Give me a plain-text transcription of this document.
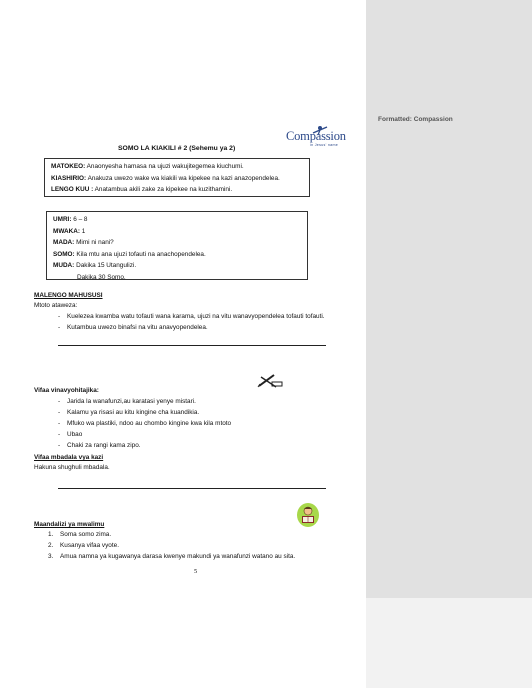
Compassion
in Jesus' name
SOMO LA KIAKILI # 2 (Sehemu ya 2)
MATOKEO: Anaonyesha hamasa na ujuzi wakujitegemea kiuchumi.
KIASHIRIO: Anakuza uwezo wake wa kiakili wa kipekee na kazi anazopendelea.
LENGO KUU : Anatambua akili zake za kipekee na kuzithamini.
UMRI: 6 – 8
MWAKA: 1
MADA: Mimi ni nani?
SOMO: Kila mtu ana ujuzi tofauti na anachopendelea.
MUDA: Dakika 15 Utangulizi.
Dakika 30 Somo.
MALENGO MAHUSUSI
Mtoto ataweza:
- Kuelezea kwamba watu tofauti wana karama, ujuzi na vitu wanavyopendelea tofauti tofauti.
- Kutambua uwezo binafsi na vitu anavyopendelea.
Vifaa vinavyohitajika:
- Jarida la wanafunzi,au karatasi yenye mistari.
- Kalamu ya risasi au kitu kingine cha kuandikia.
- Mfuko wa plastiki, ndoo au chombo kingine kwa kila mtoto
- Ubao
- Chaki za rangi kama zipo.
Vifaa mbadala vya kazi
Hakuna shughuli mbadala.
Maandalizi ya mwalimu
1. Soma somo zima.
2. Kusanya vifaa vyote.
3. Amua namna ya kugawanya darasa kwenye makundi ya wanafunzi watano au sita.
5
Formatted: Compassion
